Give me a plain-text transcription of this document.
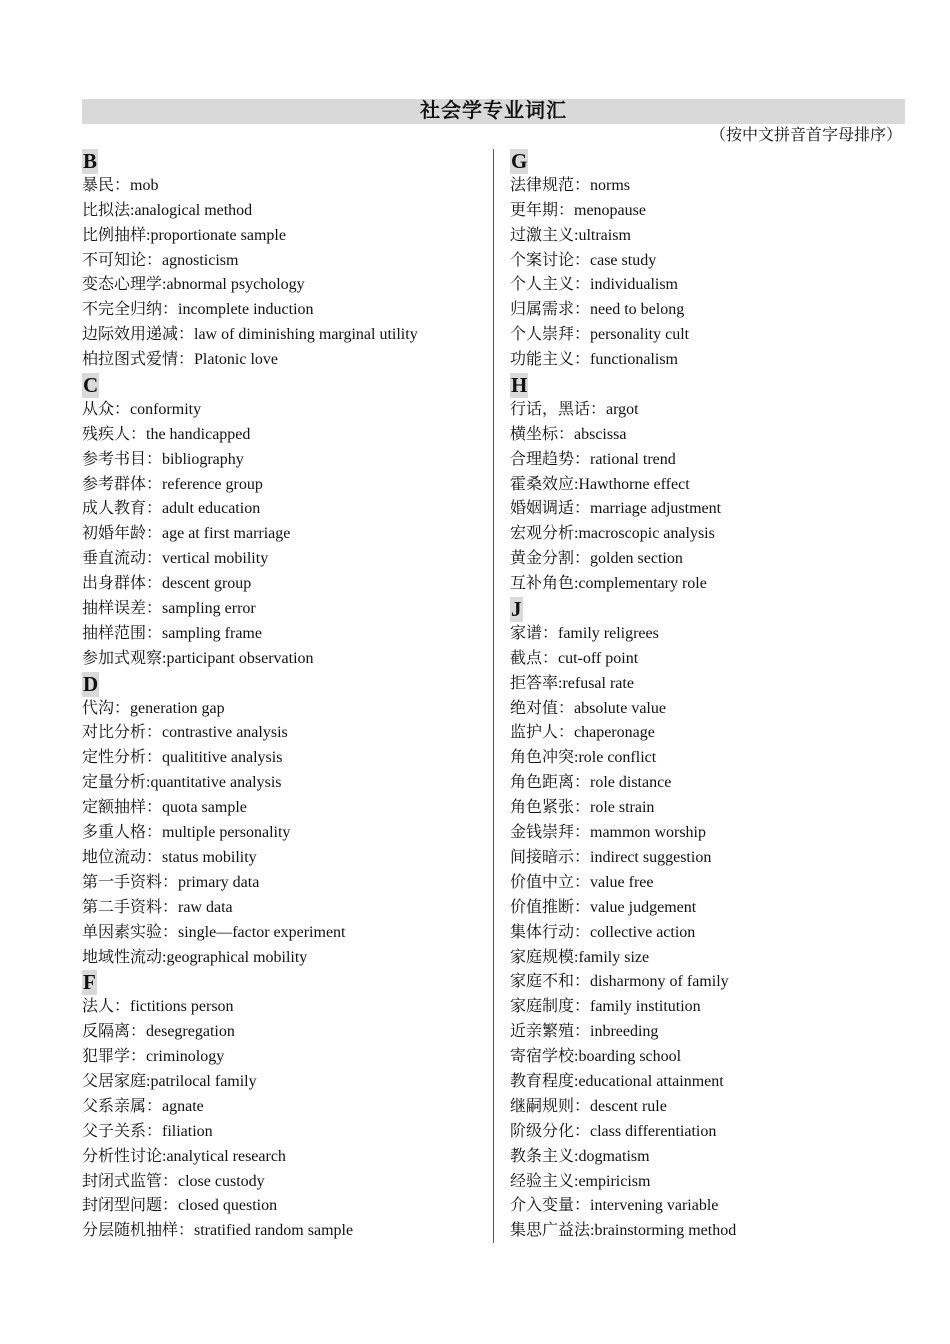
社会学专业词汇
（按中文拼音首字母排序）
B
暴民：mob
比拟法:analogical method
比例抽样:proportionate sample
不可知论：agnosticism
变态心理学:abnormal psychology
不完全归纳：incomplete induction
边际效用递减：law of diminishing marginal utility
柏拉图式爱情：Platonic love
C
从众：conformity
残疾人：the handicapped
参考书目：bibliography
参考群体：reference group
成人教育：adult education
初婚年龄：age at first marriage
垂直流动：vertical mobility
出身群体：descent group
抽样误差：sampling error
抽样范围：sampling frame
参加式观察:participant observation
D
代沟：generation gap
对比分析：contrastive analysis
定性分析：qualititive analysis
定量分析:quantitative analysis
定额抽样：quota sample
多重人格：multiple personality
地位流动：status mobility
第一手资料：primary data
第二手资料：raw data
单因素实验：single—factor experiment
地域性流动:geographical mobility
F
法人：fictitions person
反隔离：desegregation
犯罪学：criminology
父居家庭:patrilocal family
父系亲属：agnate
父子关系：filiation
分析性讨论:analytical research
封闭式监管：close custody
封闭型问题：closed question
分层随机抽样：stratified random sample
G
法律规范：norms
更年期：menopause
过激主义:ultraism
个案讨论：case study
个人主义：individualism
归属需求：need to belong
个人崇拜：personality cult
功能主义：functionalism
H
行话，黑话：argot
横坐标：abscissa
合理趋势：rational trend
霍桑效应:Hawthorne effect
婚姻调适：marriage adjustment
宏观分析:macroscopic analysis
黄金分割：golden section
互补角色:complementary role
J
家谱：family religrees
截点：cut-off point
拒答率:refusal rate
绝对值：absolute value
监护人：chaperonage
角色冲突:role conflict
角色距离：role distance
角色紧张：role strain
金钱崇拜：mammon worship
间接暗示：indirect suggestion
价值中立：value free
价值推断：value judgement
集体行动：collective action
家庭规模:family size
家庭不和：disharmony of family
家庭制度：family institution
近亲繁殖：inbreeding
寄宿学校:boarding school
教育程度:educational attainment
继嗣规则：descent rule
阶级分化：class differentiation
教条主义:dogmatism
经验主义:empiricism
介入变量：intervening variable
集思广益法:brainstorming method
